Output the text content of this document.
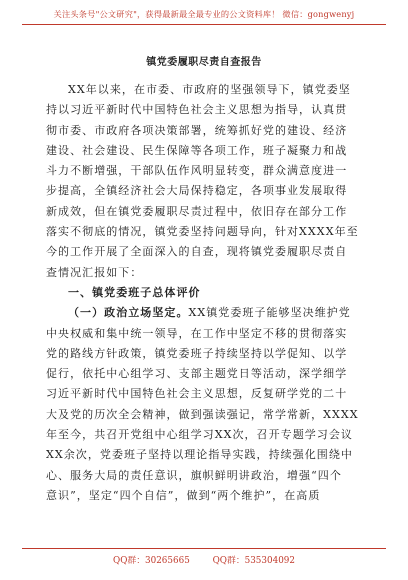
关注头条号"公文研究"，获得最新最全最专业的公文资料库！ 微信：gongwenyj
镇党委履职尽责自查报告
XX年以来，在市委、市政府的坚强领导下，镇党委坚
持以习近平新时代中国特色社会主义思想为指导，认真贯
彻市委、市政府各项决策部署，统筹抓好党的建设、经济
建设、社会建设、民生保障等各项工作，班子凝聚力和战
斗力不断增强，干部队伍作风明显转变，群众满意度进一
步提高，全镇经济社会大局保持稳定，各项事业发展取得
新成效，但在镇党委履职尽责过程中，依旧存在部分工作
落实不彻底的情况，镇党委坚持问题导向，针对XXXX年至
今的工作开展了全面深入的自查，现将镇党委履职尽责自
查情况汇报如下：
一、镇党委班子总体评价
（一）政治立场坚定。XX镇党委班子能够坚决维护党
中央权威和集中统一领导，在工作中坚定不移的贯彻落实
党的路线方针政策，镇党委班子持续坚持以学促知、以学
促行，依托中心组学习、支部主题党日等活动，深学细学
习近平新时代中国特色社会主义思想，反复研学党的二十
大及党的历次全会精神，做到强读强记，常学常新，XXXX
年至今，共召开党组中心组学习XX次，召开专题学习会议
XX余次，党委班子坚持以理论指导实践，持续强化围绕中
心、服务大局的责任意识，旗帜鲜明讲政治，增强“四个
意识”，坚定“四个自信”，做到“两个维护”，在高质
QQ群：30265665	QQ群：535304092
